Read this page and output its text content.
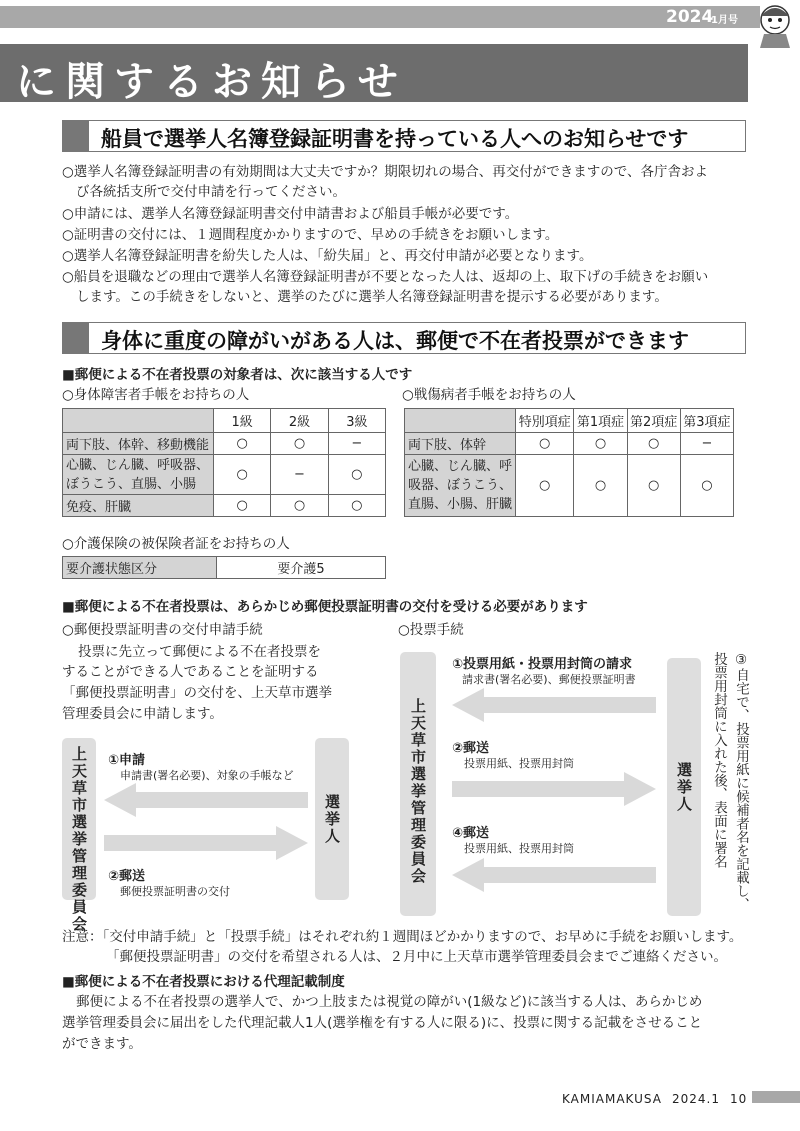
2024
1月号
に関するお知らせ
船員で選挙人名簿登録証明書を持っている人へのお知らせです
○選挙人名簿登録証明書の有効期間は大丈夫ですか？期限切れの場合、再交付ができますので、各庁舎およ
び各統括支所で交付申請を行ってください。
○申請には、選挙人名簿登録証明書交付申請書および船員手帳が必要です。
○証明書の交付には、１週間程度かかりますので、早めの手続きをお願いします。
○選挙人名簿登録証明書を紛失した人は、「紛失届」と、再交付申請が必要となります。
○船員を退職などの理由で選挙人名簿登録証明書が不要となった人は、返却の上、取下げの手続きをお願い
します。この手続きをしないと、選挙のたびに選挙人名簿登録証明書を提示する必要があります。
身体に重度の障がいがある人は、郵便で不在者投票ができます
■郵便による不在者投票の対象者は、次に該当する人です
○身体障害者手帳をお持ちの人
	1級	2級	3級
両下肢、体幹、移動機能	○	○	−

心臓、じん臓、呼吸器、
ぼうこう、直腸、小腸	○	−	○
免疫、肝臓	○	○	○
○戦傷病者手帳をお持ちの人
	特別項症	第1項症	第2項症	第3項症
両下肢、体幹	○	○	○	−

心臓、じん臓、呼
吸器、ぼうこう、
直腸、小腸、肝臓	○	○	○	○
○介護保険の被保険者証をお持ちの人
要介護状態区分	要介護5
■郵便による不在者投票は、あらかじめ郵便投票証明書の交付を受ける必要があります
○郵便投票証明書の交付申請手続
投票に先立って郵便による不在者投票を
することができる人であることを証明する
「郵便投票証明書」の交付を、上天草市選挙
管理委員会に申請します。
上天草市選挙管理委員会	選挙人
①申請
申請書(署名必要)、対象の手帳など
②郵送
郵便投票証明書の交付
○投票手続
上天草市選挙管理委員会	選挙人
①投票用紙・投票用封筒の請求
請求書(署名必要)、郵便投票証明書
②郵送
投票用紙、投票用封筒
④郵送
投票用紙、投票用封筒	③自宅で、投票用紙に候補者名を記載し、
投票用封筒に入れた後、表面に署名
注意：「交付申請手続」と「投票手続」はそれぞれ約１週間ほどかかりますので、お早めに手続をお願いします。
「郵便投票証明書」の交付を希望される人は、２月中に上天草市選挙管理委員会までご連絡ください。
■郵便による不在者投票における代理記載制度
郵便による不在者投票の選挙人で、かつ上肢または視覚の障がい(1級など)に該当する人は、あらかじめ
選挙管理委員会に届出をした代理記載人1人(選挙権を有する人に限る)に、投票に関する記載をさせること
ができます。
KAMIAMAKUSA 2024.1 10
